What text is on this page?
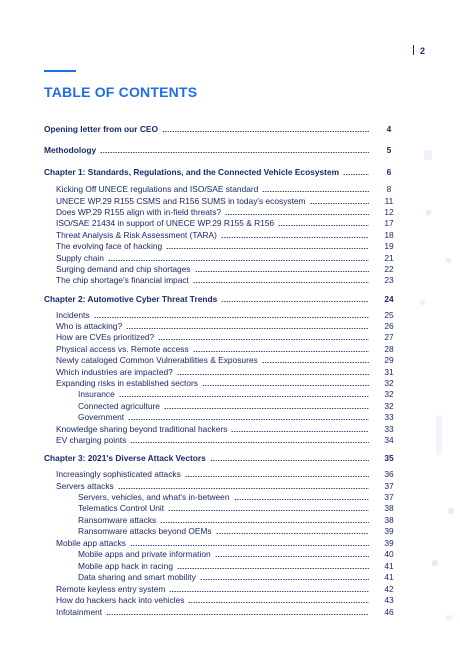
2
TABLE OF CONTENTS
Opening letter from our CEO	4
Methodology	5
Chapter 1: Standards, Regulations, and the Connected Vehicle Ecosystem	6
Kicking Off UNECE regulations and ISO/SAE standard	8
UNECE WP.29 R155 CSMS and R156 SUMS in today's ecosystem	11
Does WP.29 R155 align with in-field threats?	12
ISO/SAE 21434 in support of UNECE WP.29 R155 & R156	17
Threat Analysis & Risk Assessment (TARA)	18
The evolving face of hacking	19
Supply chain	21
Surging demand and chip shortages	22
The chip shortage's financial impact	23
Chapter 2: Automotive Cyber Threat Trends	24
Incidents	25
Who is attacking?	26
How are CVEs prioritized?	27
Physical access vs. Remote access	28
Newly cataloged Common Vulnerabilities & Exposures	29
Which industries are impacted?	31
Expanding risks in established sectors	32
Insurance	32
Connected agriculture	32
Government	33
Knowledge sharing beyond traditional hackers	33
EV charging points	34
Chapter 3: 2021's Diverse Attack Vectors	35
Increasingly sophisticated attacks	36
Servers attacks	37
Servers, vehicles, and what's in-between	37
Telematics Control Unit	38
Ransomware attacks	38
Ransomware attacks beyond OEMs	39
Mobile app attacks	39
Mobile apps and private information	40
Mobile app hack in racing	41
Data sharing and smart mobility	41
Remote keyless entry system	42
How do hackers hack into vehicles	43
Infotainment	46
